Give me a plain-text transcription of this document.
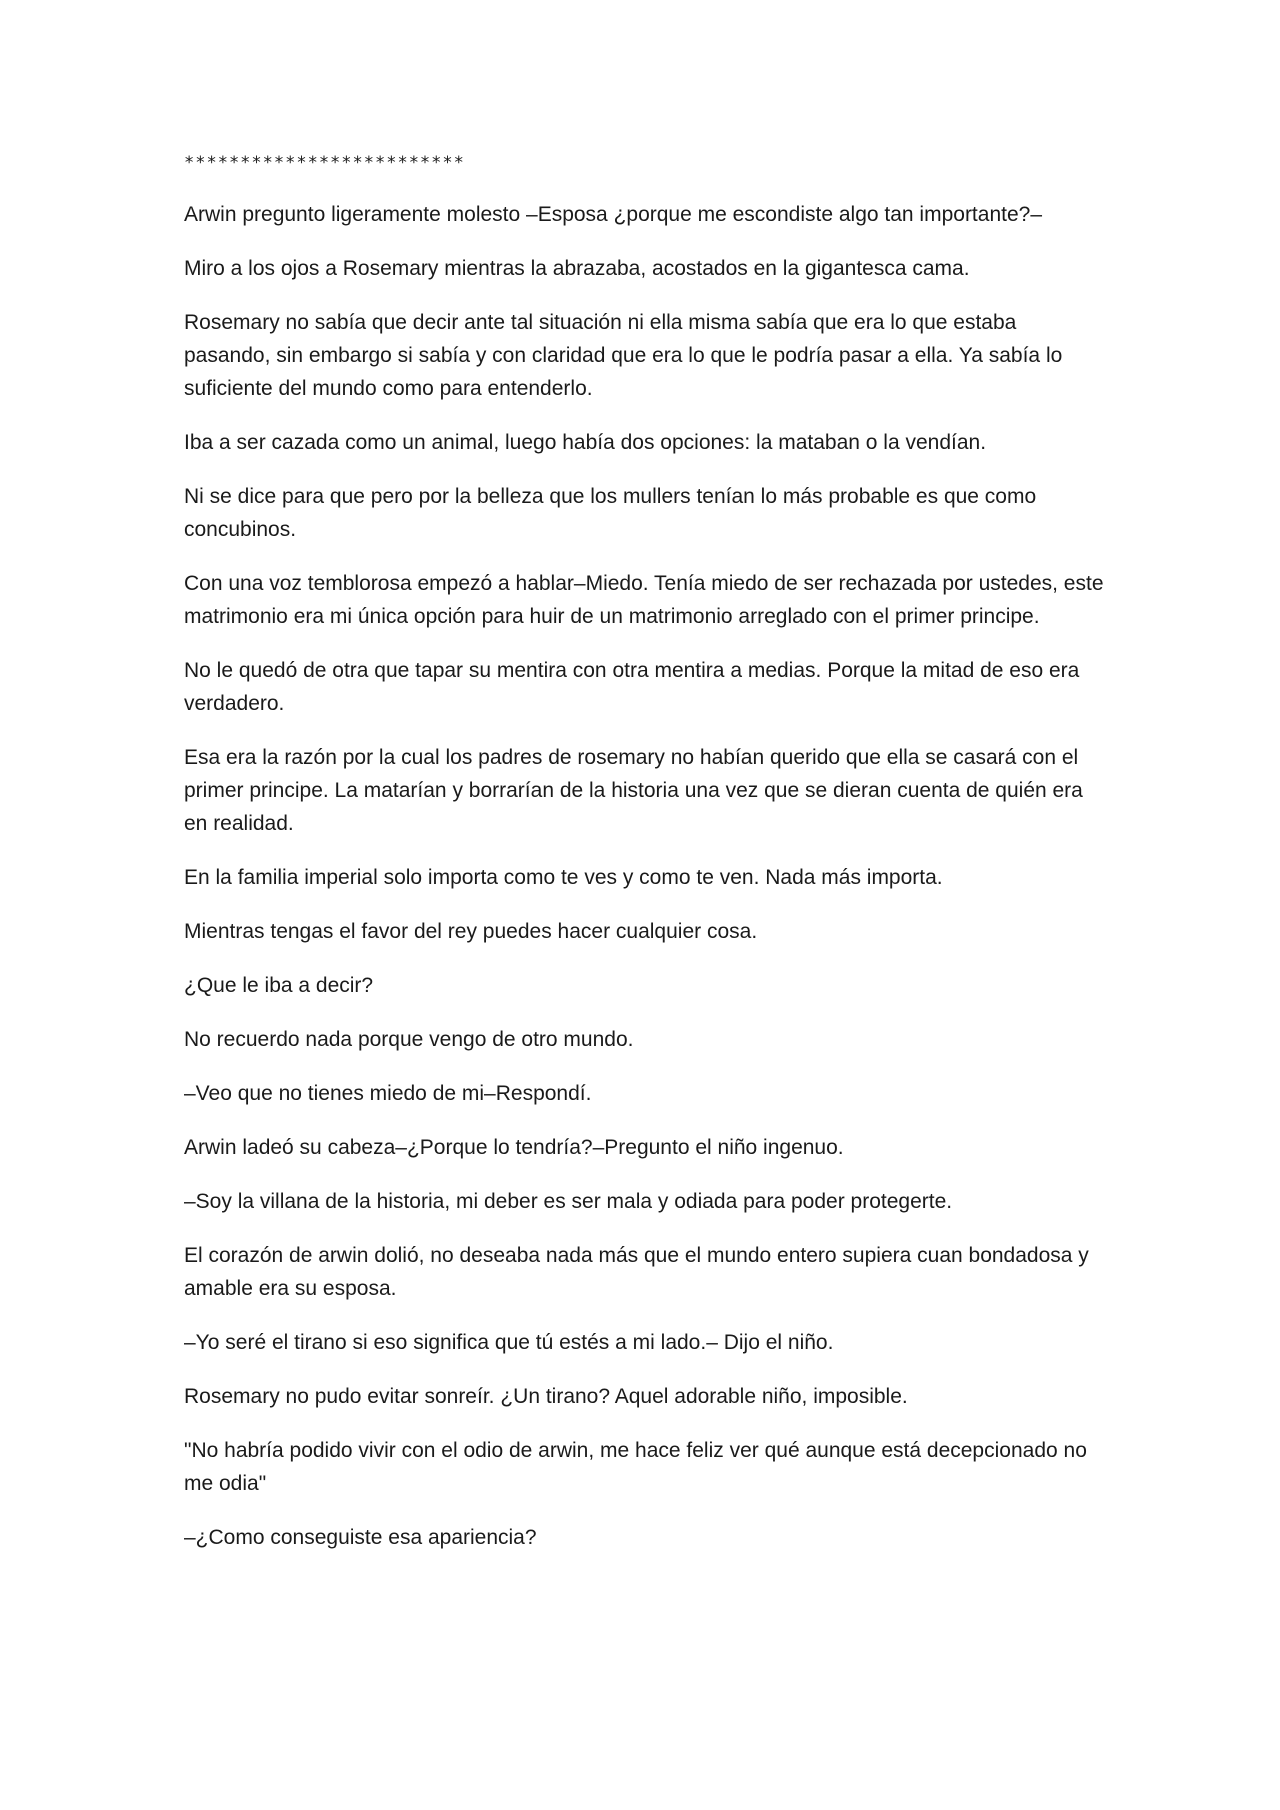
*************************

Arwin pregunto ligeramente molesto –Esposa ¿porque me escondiste algo tan importante?–

Miro a los ojos a Rosemary mientras la abrazaba, acostados en la gigantesca cama.

Rosemary no sabía que decir ante tal situación ni ella misma sabía que era lo que estaba pasando, sin embargo si sabía y con claridad que era lo que le podría pasar a ella. Ya sabía lo suficiente del mundo como para entenderlo.

Iba a ser cazada como un animal, luego había dos opciones: la mataban o la vendían.

Ni se dice para que pero por la belleza que los mullers tenían lo más probable es que como concubinos.

Con una voz temblorosa empezó a hablar–Miedo. Tenía miedo de ser rechazada por ustedes, este matrimonio era mi única opción para huir de un matrimonio arreglado con el primer principe.

No le quedó de otra que tapar su mentira con otra mentira a medias. Porque la mitad de eso era verdadero.

Esa era la razón por la cual los padres de rosemary no habían querido que ella se casará con el primer principe. La matarían y borrarían de la historia una vez que se dieran cuenta de quién era en realidad.

En la familia imperial solo importa como te ves y como te ven. Nada más importa.

Mientras tengas el favor del rey puedes hacer cualquier cosa.

¿Que le iba a decir?

No recuerdo nada porque vengo de otro mundo.

–Veo que no tienes miedo de mi–Respondí.

Arwin ladeó su cabeza–¿Porque lo tendría?–Pregunto el niño ingenuo.

–Soy la villana de la historia, mi deber es ser mala y odiada para poder protegerte.

El corazón de arwin dolió, no deseaba nada más que el mundo entero supiera cuan bondadosa y amable era su esposa.

–Yo seré el tirano si eso significa que tú estés a mi lado.– Dijo el niño.

Rosemary no pudo evitar sonreír. ¿Un tirano? Aquel adorable niño, imposible.

"No habría podido vivir con el odio de arwin, me hace feliz ver qué aunque está decepcionado no me odia"

–¿Como conseguiste esa apariencia?
